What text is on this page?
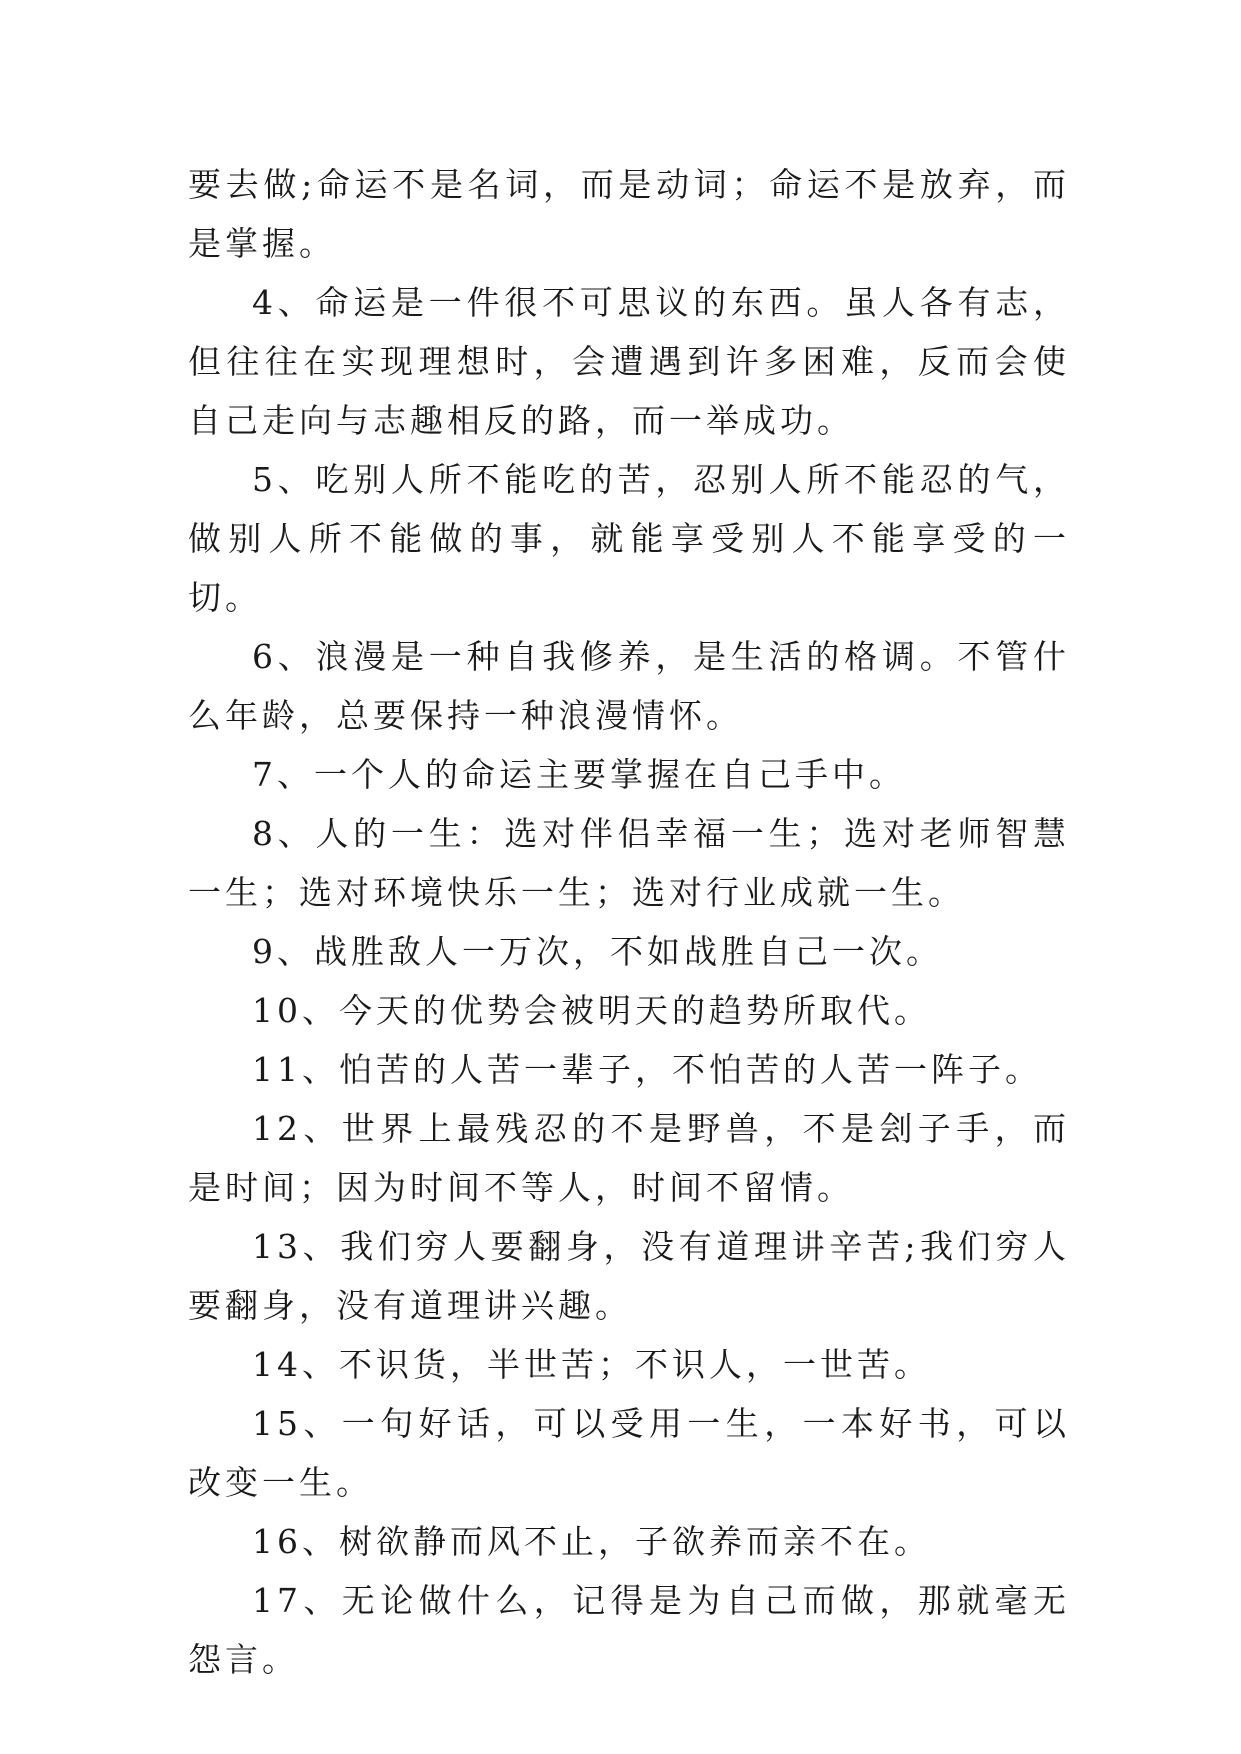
要去做;命运不是名词，而是动词；命运不是放弃，而是掌握。

4、命运是一件很不可思议的东西。虽人各有志，但往往在实现理想时，会遭遇到许多困难，反而会使自己走向与志趣相反的路，而一举成功。

5、吃别人所不能吃的苦，忍别人所不能忍的气，做别人所不能做的事，就能享受别人不能享受的一切。

6、浪漫是一种自我修养，是生活的格调。不管什么年龄，总要保持一种浪漫情怀。

7、一个人的命运主要掌握在自己手中。

8、人的一生：选对伴侣幸福一生；选对老师智慧一生；选对环境快乐一生；选对行业成就一生。

9、战胜敌人一万次，不如战胜自己一次。

10、今天的优势会被明天的趋势所取代。

11、怕苦的人苦一辈子，不怕苦的人苦一阵子。

12、世界上最残忍的不是野兽，不是刽子手，而是时间；因为时间不等人，时间不留情。

13、我们穷人要翻身，没有道理讲辛苦;我们穷人要翻身，没有道理讲兴趣。

14、不识货，半世苦；不识人，一世苦。

15、一句好话，可以受用一生，一本好书，可以改变一生。

16、树欲静而风不止，子欲养而亲不在。

17、无论做什么，记得是为自己而做，那就毫无怨言。
